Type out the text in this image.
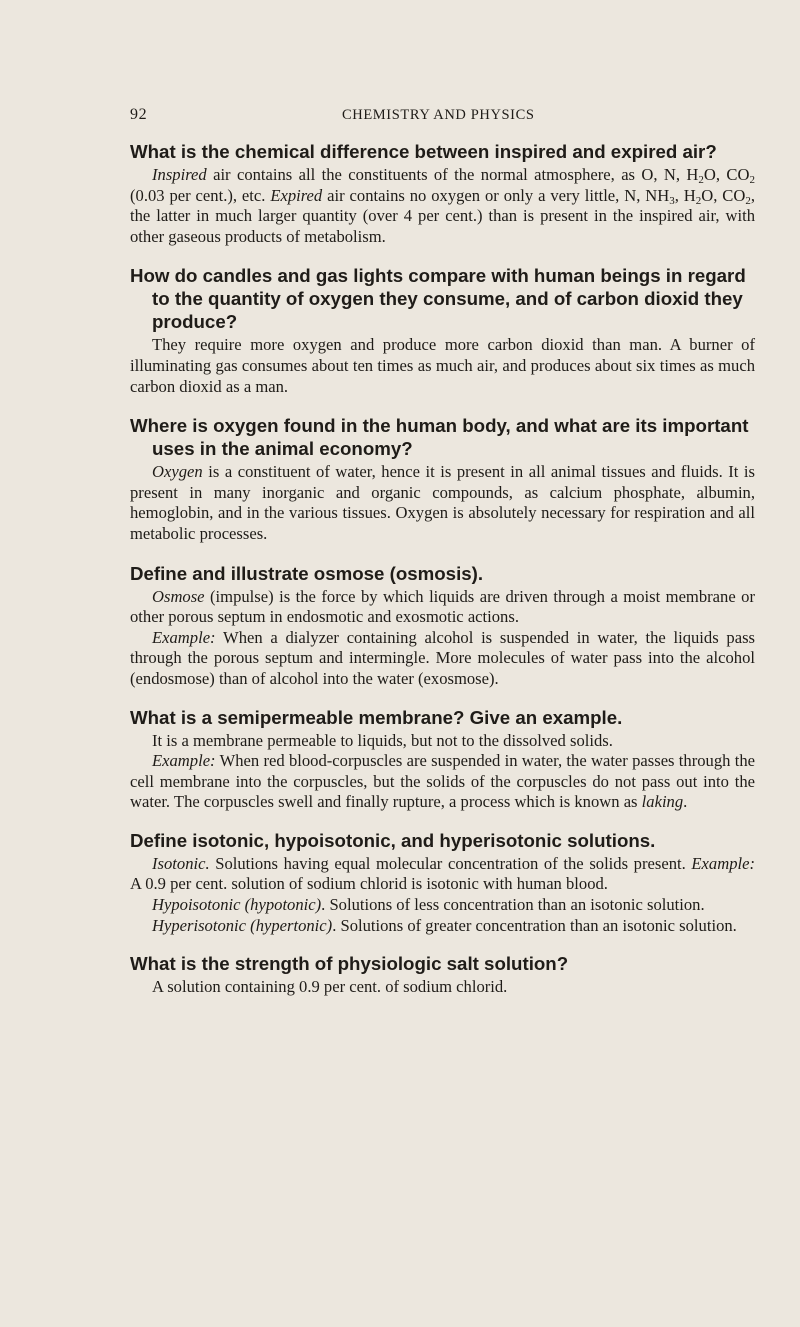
92	CHEMISTRY AND PHYSICS

What is the chemical difference between inspired and expired air?

Inspired air contains all the constituents of the normal atmosphere, as O, N, $H_2O$, $CO_2$ (0.03 per cent.), etc. Expired air contains no oxygen or only a very little, N, $NH_3$, $H_2O$, $CO_2$, the latter in much larger quantity (over 4 per cent.) than is present in the inspired air, with other gaseous products of metabolism.

How do candles and gas lights compare with human beings in regard to the quantity of oxygen they consume, and of carbon dioxid they produce?

They require more oxygen and produce more carbon dioxid than man. A burner of illuminating gas consumes about ten times as much air, and produces about six times as much carbon dioxid as a man.

Where is oxygen found in the human body, and what are its important uses in the animal economy?

Oxygen is a constituent of water, hence it is present in all animal tissues and fluids. It is present in many inorganic and organic compounds, as calcium phosphate, albumin, hemoglobin, and in the various tissues. Oxygen is absolutely necessary for respiration and all metabolic processes.

Define and illustrate osmose (osmosis).

Osmose (impulse) is the force by which liquids are driven through a moist membrane or other porous septum in endosmotic and exosmotic actions.

Example: When a dialyzer containing alcohol is suspended in water, the liquids pass through the porous septum and intermingle. More molecules of water pass into the alcohol (endosmose) than of alcohol into the water (exosmose).

What is a semipermeable membrane? Give an example.

It is a membrane permeable to liquids, but not to the dissolved solids.

Example: When red blood-corpuscles are suspended in water, the water passes through the cell membrane into the corpuscles, but the solids of the corpuscles do not pass out into the water. The corpuscles swell and finally rupture, a process which is known as laking.

Define isotonic, hypoisotonic, and hyperisotonic solutions.

Isotonic. Solutions having equal molecular concentration of the solids present. Example: A 0.9 per cent. solution of sodium chlorid is isotonic with human blood.

Hypoisotonic (hypotonic). Solutions of less concentration than an isotonic solution.

Hyperisotonic (hypertonic). Solutions of greater concentration than an isotonic solution.

What is the strength of physiologic salt solution?

A solution containing 0.9 per cent. of sodium chlorid.
